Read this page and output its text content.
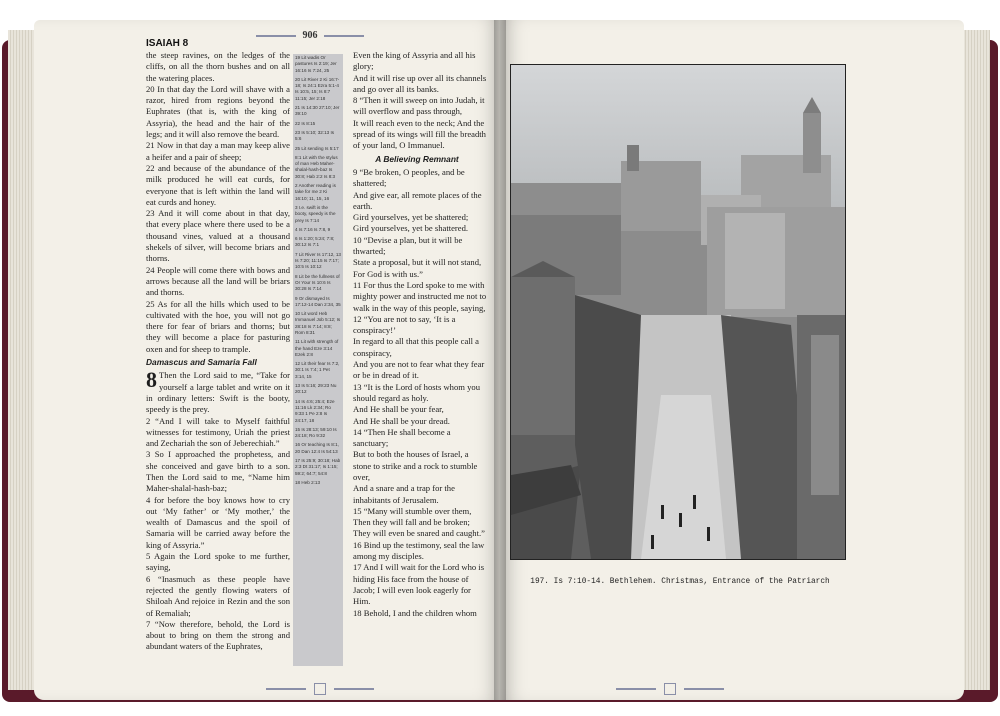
906
ISAIAH 8

the steep ravines, on the ledges of the cliffs, on all the thorn bushes and on all the watering places.

20 In that day the Lord will shave with a razor, hired from regions beyond the Euphrates (that is, with the king of Assyria), the head and the hair of the legs; and it will also remove the beard.

21 Now in that day a man may keep alive a heifer and a pair of sheep;

22 and because of the abundance of the milk produced he will eat curds, for everyone that is left within the land will eat curds and honey.

23 And it will come about in that day, that every place where there used to be a thousand vines, valued at a thousand shekels of silver, will become briars and thorns.

24 People will come there with bows and arrows because all the land will be briars and thorns.

25 As for all the hills which used to be cultivated with the hoe, you will not go there for fear of briars and thorns; but they will become a place for pasturing oxen and for sheep to trample.

Damascus and Samaria Fall

8 Then the Lord said to me, “Take for yourself a large tablet and write on it in ordinary letters: Swift is the booty, speedy is the prey.

2 “And I will take to Myself faithful witnesses for testimony, Uriah the priest and Zechariah the son of Jeberechiah.”

3 So I approached the prophetess, and she conceived and gave birth to a son. Then the Lord said to me, “Name him Maher-shalal-hash-baz;

4 for before the boy knows how to cry out ‘My father’ or ‘My mother,’ the wealth of Damascus and the spoil of Samaria will be carried away before the king of Assyria.”

5 Again the Lord spoke to me further, saying,

6 “Inasmuch as these people have rejected the gently flowing waters of Shiloah And rejoice in Rezin and the son of Remaliah;

7 “Now therefore, behold, the Lord is about to bring on them the strong and abundant waters of the Euphrates,

19 Lit wadis Or pastures Is 2:19; Jer 16:16 Is 7:24, 25
20 Lit River 2 Ki 16:7-18; Is 24:1 Ezra 5:1-4 Is 10:5, 15; Is 8:7 11:15; Jer 2:18
21 Is 14:30 27:10; Jer 39:10
22 Is 8:15
23 Is 5:10; 32:13 Is 5:6
25 Lit sending Is 5:17
8:1 Lit with the stylus of man Heb Maher-shalal-hash-baz Is 30:8; Hab 2:2 Is 8:3
2 Another reading is take for me 2 Ki 16:10; 11, 15, 16
3 I.e. swift is the booty, speedy is the prey Is 7:14
4 Is 7:16 Is 7:8, 9
6 Is 1:20; 5:24; 7:8; 30:12 Is 7:1
7 Lit River Is 17:12, 13 Is 7:20; 11:15 Is 7:17; 10:5 Is 10:12
8 Lit be the fullness of Or Your Is 10:6 Is 30:28 Is 7:14
9 Or dismayed Is 17:12-14 Dan 2:34, 35
10 Lit word Heb Immanuel Job 5:12; Is 28:18 Is 7:14; 8:8; Rom 8:31
11 Lit with strength of the hand Eze 3:14 Ezek 2:8
12 Lit their fear Is 7:2, 30:1 Is 7:4; 1 Pet 3:14, 15
13 Is 5:16; 29:23 Nu 20:12
14 Is 4:6; 25:4; Eze 11:16 Lk 2:34; Ro 9:33 1 Pe 2:8 Is 24:17, 18
15 Is 28:13; 59:10 Is 24:18; Ro 9:32
16 Or teaching Is 8:1, 20 Dan 12:4 Is 54:13
17 Is 25:9; 30:18; Hab 2:3 Dt 31:17; Is 1:15; 59:2; 64:7; 54:8
18 Heb 2:13

Even the king of Assyria and all his glory;

And it will rise up over all its channels and go over all its banks.

8 “Then it will sweep on into Judah, it will overflow and pass through,

It will reach even to the neck; And the spread of its wings will fill the breadth of your land, O Immanuel.

A Believing Remnant

9 “Be broken, O peoples, and be shattered;

And give ear, all remote places of the earth.

Gird yourselves, yet be shattered;

Gird yourselves, yet be shattered.

10 “Devise a plan, but it will be thwarted;

State a proposal, but it will not stand,

For God is with us.”

11 For thus the Lord spoke to me with mighty power and instructed me not to walk in the way of this people, saying,

12 “You are not to say, ‘It is a conspiracy!’

In regard to all that this people call a conspiracy,

And you are not to fear what they fear or be in dread of it.

13 “It is the Lord of hosts whom you should regard as holy.

And He shall be your fear,

And He shall be your dread.

14 “Then He shall become a sanctuary;

But to both the houses of Israel, a stone to strike and a rock to stumble over,

And a snare and a trap for the inhabitants of Jerusalem.

15 “Many will stumble over them, Then they will fall and be broken;

They will even be snared and caught.”

16 Bind up the testimony, seal the law among my disciples.

17 And I will wait for the Lord who is hiding His face from the house of Jacob; I will even look eagerly for Him.

18 Behold, I and the children whom

197. Is 7:10-14. Bethlehem. Christmas, Entrance of the Patriarch
